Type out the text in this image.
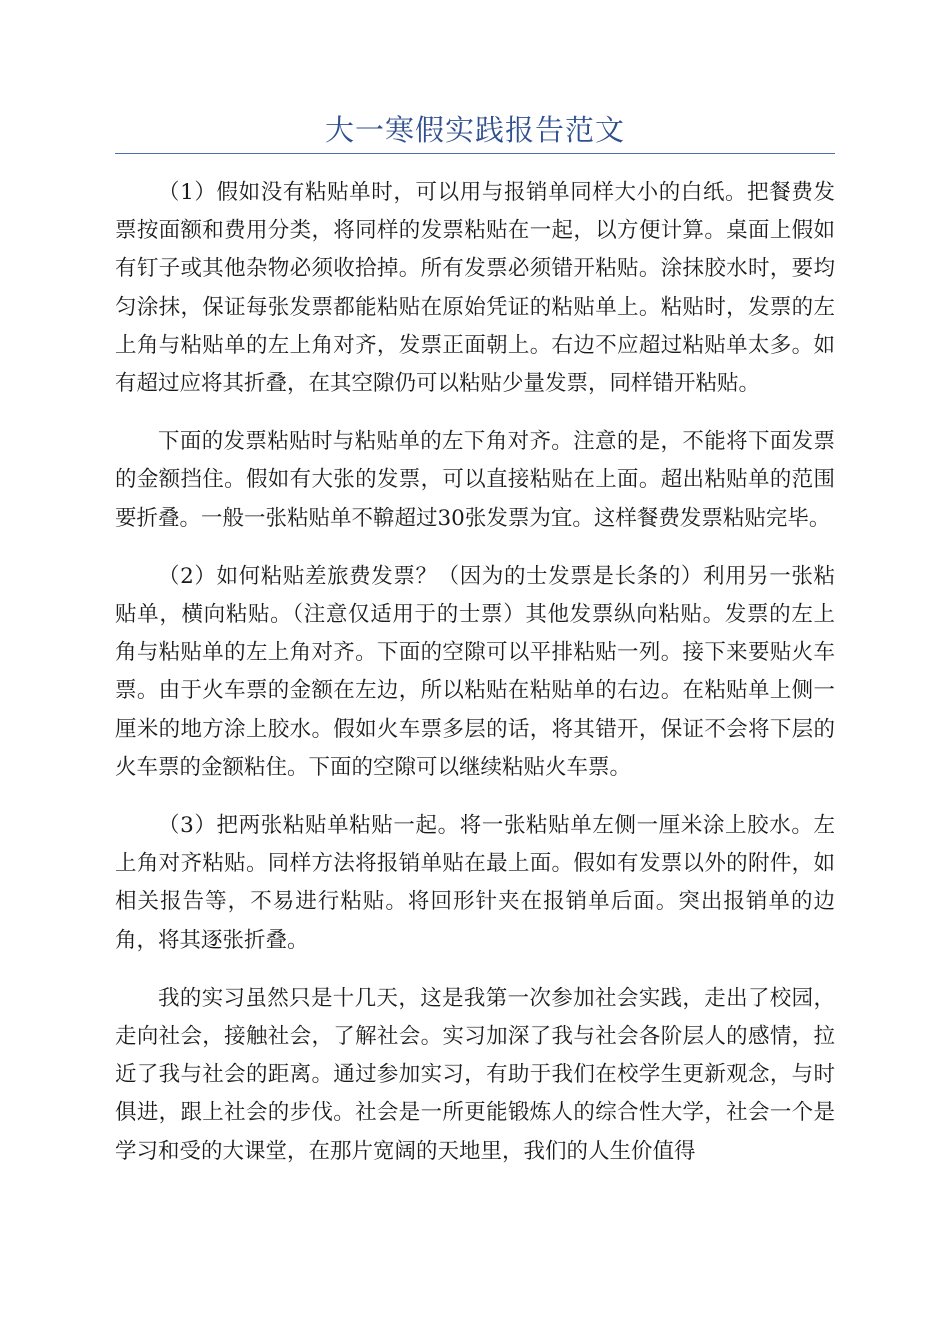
大一寒假实践报告范文

（1）假如没有粘贴单时，可以用与报销单同样大小的白纸。把餐费发票按面额和费用分类，将同样的发票粘贴在一起，以方便计算。桌面上假如有钉子或其他杂物必须收拾掉。所有发票必须错开粘贴。涂抹胶水时，要均匀涂抹，保证每张发票都能粘贴在原始凭证的粘贴单上。粘贴时，发票的左上角与粘贴单的左上角对齐，发票正面朝上。右边不应超过粘贴单太多。如有超过应将其折叠，在其空隙仍可以粘贴少量发票，同样错开粘贴。

下面的发票粘贴时与粘贴单的左下角对齐。注意的是，不能将下面发票的金额挡住。假如有大张的发票，可以直接粘贴在上面。超出粘贴单的范围要折叠。一般一张粘贴单不鞥超过30张发票为宜。这样餐费发票粘贴完毕。

（2）如何粘贴差旅费发票？（因为的士发票是长条的）利用另一张粘贴单，横向粘贴。（注意仅适用于的士票）其他发票纵向粘贴。发票的左上角与粘贴单的左上角对齐。下面的空隙可以平排粘贴一列。接下来要贴火车票。由于火车票的金额在左边，所以粘贴在粘贴单的右边。在粘贴单上侧一厘米的地方涂上胶水。假如火车票多层的话，将其错开，保证不会将下层的火车票的金额粘住。下面的空隙可以继续粘贴火车票。

（3）把两张粘贴单粘贴一起。将一张粘贴单左侧一厘米涂上胶水。左上角对齐粘贴。同样方法将报销单贴在最上面。假如有发票以外的附件，如相关报告等，不易进行粘贴。将回形针夹在报销单后面。突出报销单的边角，将其逐张折叠。

我的实习虽然只是十几天，这是我第一次参加社会实践，走出了校园，走向社会，接触社会，了解社会。实习加深了我与社会各阶层人的感情，拉近了我与社会的距离。通过参加实习，有助于我们在校学生更新观念，与时俱进，跟上社会的步伐。社会是一所更能锻炼人的综合性大学，社会一个是学习和受的大课堂，在那片宽阔的天地里，我们的人生价值得
